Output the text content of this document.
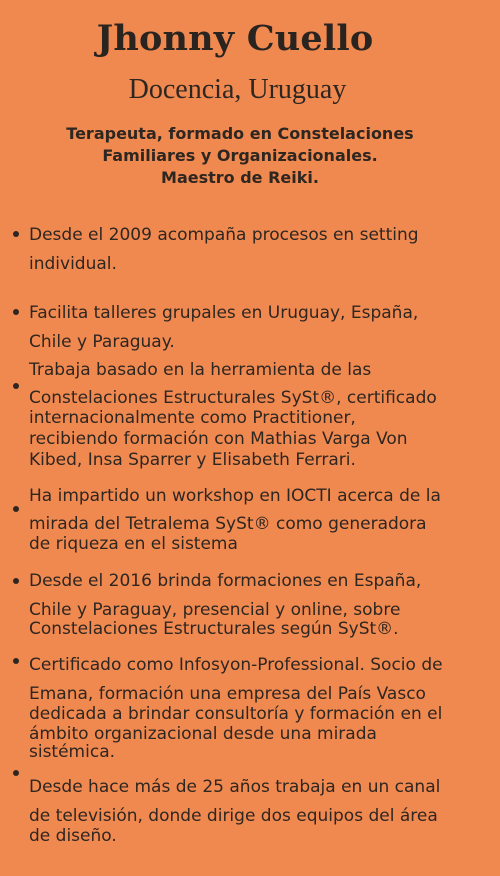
Jhonny Cuello
Docencia, Uruguay
Terapeuta, formado en Constelaciones
Familiares y Organizacionales.
Maestro de Reiki.
Desde el 2009 acompaña procesos en setting
individual.
Facilita talleres grupales en Uruguay, España,
Chile y Paraguay.
Trabaja basado en la herramienta de las
Constelaciones Estructurales SySt®, certificado
internacionalmente como Practitioner,
recibiendo formación con Mathias Varga Von
Kibed, Insa Sparrer y Elisabeth Ferrari.
Ha impartido un workshop en IOCTI acerca de la
mirada del Tetralema SySt® como generadora
de riqueza en el sistema
Desde el 2016 brinda formaciones en España,
Chile y Paraguay, presencial y online, sobre
Constelaciones Estructurales según SySt®.
Certificado como Infosyon-Professional. Socio de
Emana, formación una empresa del País Vasco
dedicada a brindar consultoría y formación en el
ámbito organizacional desde una mirada
sistémica.
Desde hace más de 25 años trabaja en un canal
de televisión, donde dirige dos equipos del área
de diseño.
